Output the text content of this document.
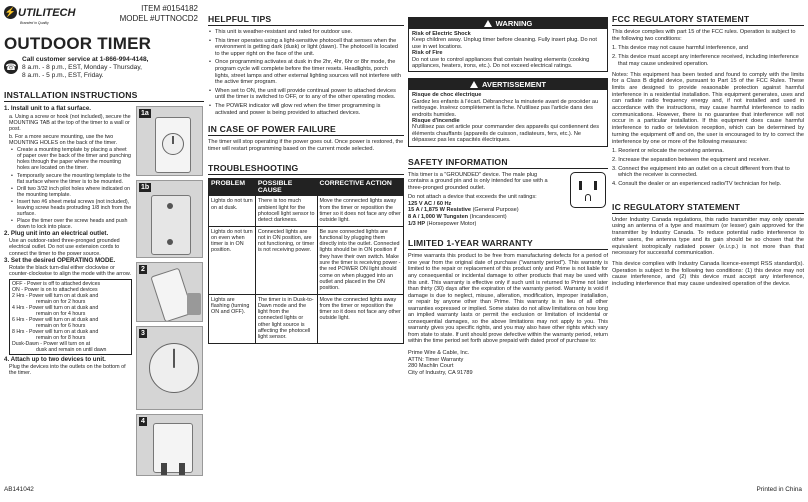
⚡ UTILITECH
Branded in Quality
ITEM #0154182
MODEL #UTTNOCD2
OUTDOOR TIMER
☎
Call customer service at 1-866-994-4148,
8 a.m. - 8 p.m., EST, Monday - Thursday,
8 a.m. - 5 p.m., EST, Friday.
INSTALLATION INSTRUCTIONS
1. Install unit to a flat surface.
a. Using a screw or hook (not included), secure the MOUNTING TAB at the top of the timer to a wall or post.
b. For a more secure mounting, use the two MOUNTING HOLES on the back of the timer.
• Create a mounting template by placing a sheet of paper over the back of the timer and punching holes through the paper where the mounting holes are located on the timer.
• Temporarily secure the mounting template to the flat surface where the timer is to be mounted.
• Drill two 3/32 inch pilot holes where indicated on the mounting template.
• Insert two #6 sheet metal screws (not included), leaving screw heads protruding 1/8 inch from the surface.
• Place the timer over the screw heads and push down to lock into place.
2. Plug unit into an electrical outlet.
Use an outdoor-rated three-pronged grounded electrical outlet. Do not use extension cords to connect the timer to the power source.
3. Set the desired OPERATING MODE.
Rotate the black turn-dial either clockwise or counter-clockwise to align the mode with the arrow.
OFF - Power is off to attached devices
ON - Power is on to attached devices
2 Hrs - Power will turn on at dusk and
remain on for 2 hours
4 Hrs - Power will turn on at dusk and
remain on for 4 hours
6 Hrs - Power will turn on at dusk and
remain on for 6 hours
8 Hrs - Power will turn on at dusk and
remain on for 8 hours
Dusk-Dawn - Power will turn on at
dusk and remain on until dawn
4. Attach up to two devices to unit.
Plug the devices into the outlets on the bottom of the timer.
1a
1b
2
3
4
AB141042
HELPFUL TIPS
• This unit is weather-resistant and rated for outdoor use.
• This timer operates using a light-sensitive photocell that senses when the environment is getting dark (dusk) or light (dawn). The photocell is located to the upper right on the face of the unit.
• Once programming activates at dusk in the 2hr, 4hr, 6hr or 8hr mode, the program cycle will complete before the timer resets. Headlights, porch lights, street lamps and other external lighting sources will not interfere with the active timer program.
• When set to ON, the unit will provide continual power to attached devices until the timer is switched to OFF, or to any of the other operating modes.
• The POWER indicator will glow red when the timer programming is activated and power is being provided to attached devices.
IN CASE OF POWER FAILURE
The timer will stop operating if the power goes out. Once power is restored, the timer will restart programming based on the current mode selected.
TROUBLESHOOTING
PROBLEM	POSSIBLE CAUSE	CORRECTIVE ACTION
Lights do not turn on at dusk.	There is too much ambient light for the photocell light sensor to detect darkness.	Move the connected lights away from the timer or reposition the timer so it does not face any other outside light.
Lights do not turn on even when timer is in ON position.	Connected lights are not in ON position, are not functioning, or timer is not receiving power.	Be sure connected lights are functional by plugging them directly into the outlet. Connected lights should be in ON position if they have their own switch. Make sure the timer is receiving power - the red POWER ON light should come on when plugged into an outlet and placed in the ON position.
Lights are flashing (turning ON and OFF).	The timer is in Dusk-to-Dawn mode and the light from the connected lights or other light source is affecting the photocell light sensor.	Move the connected lights away from the timer or reposition the timer so it does not face any other outside light.
WARNING
Risk of Electric Shock
Keep children away. Unplug timer before cleaning. Fully insert plug. Do not use in wet locations.
Risk of Fire
Do not use to control appliances that contain heating elements (cooking appliances, heaters, irons, etc.). Do not exceed electrical ratings.
AVERTISSEMENT
Risque de choc électrique
Gardez les enfants à l'écart. Débranchez la minuterie avant de procéder au nettoyage. Insérez complètement la fiche. N'utilisez pas l'article dans des endroits humides.
Risque d'incendie
N'utilisez pas cet article pour commander des appareils qui contiennent des éléments chauffants (appareils de cuisson, radiateurs, fers, etc.). Ne dépassez pas les capacités électriques.
SAFETY INFORMATION
This timer is a "GROUNDED" device. The male plug contains a ground pin and is only intended for use with a three-pronged grounded outlet.
Do not attach a device that exceeds the unit ratings:
125 V AC / 60 Hz
15 A / 1,875 W Resistive (General Purpose)
8 A / 1,000 W Tungsten (Incandescent)
1/3 HP (Horsepower Motor)
LIMITED 1-YEAR WARRANTY
Prime warrants this product to be free from manufacturing defects for a period of one year from the original date of purchase ("warranty period"). This warranty is limited to the repair or replacement of this product only and Prime is not liable for any consequential or incidental damage to other products that may be used with this unit. This warranty is effective only if such unit is returned to Prime not later than thirty (30) days after the expiration of the warranty period. Warranty is void if damage is due to neglect, misuse, alteration, modification, improper installation, or repair by anyone other than Prime. This warranty is in lieu of all other warranties expressed or implied. Some states do not allow limitations on how long an implied warranty lasts or permit the exclusion or limitation of incidental or consequential damages, so the above limitations may not apply to you. This warranty gives you specific rights, and you may also have other rights which vary from state to state. If unit should prove defective within the warranty period, return within the time period set forth above prepaid with dated proof of purchase to:
Prime Wire & Cable, Inc.
ATTN: Timer Warranty
280 Machlin Court
City of Industry, CA 91789
FCC REGULATORY STATEMENT
This device complies with part 15 of the FCC rules. Operation is subject to the following two conditions:
1. This device may not cause harmful interference, and
2. This device must accept any interference received, including interference that may cause undesired operation.
Notes: This equipment has been tested and found to comply with the limits for a Class B digital device, pursuant to Part 15 of the FCC Rules. These limits are designed to provide reasonable protection against harmful interference in a residential installation. This equipment generates, uses and can radiate radio frequency energy and, if not installed and used in accordance with the instructions, may cause harmful interference to radio communications. However, there is no guarantee that interference will not occur in a particular installation. If this equipment does cause harmful interference to radio or television reception, which can be determined by turning the equipment off and on, the user is encouraged to try to correct the interference by one or more of the following measures:
1. Reorient or relocate the receiving antenna.
2. Increase the separation between the equipment and receiver.
3. Connect the equipment into an outlet on a circuit different from that to which the receiver is connected.
4. Consult the dealer or an experienced radio/TV technician for help.
IC REGULATORY STATEMENT
Under Industry Canada regulations, this radio transmitter may only operate using an antenna of a type and maximum (or lesser) gain approved for the transmitter by Industry Canada. To reduce potential radio interference to other users, the antenna type and its gain should be so chosen that the equivalent isotropically radiated power (e.i.r.p.) is not more than that necessary for successful communication.
This device complies with Industry Canada licence-exempt RSS standard(s). Operation is subject to the following two conditions: (1) this device may not cause interference, and (2) this device must accept any interference, including interference that may cause undesired operation of the device.
Printed in China
